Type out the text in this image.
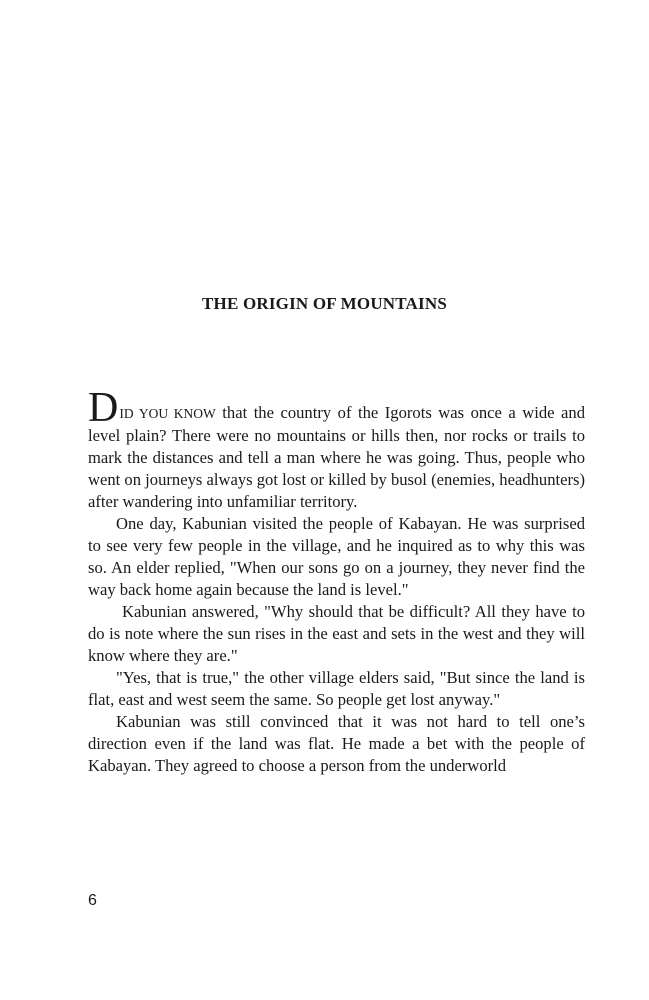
THE ORIGIN OF MOUNTAINS

DID YOU KNOW that the country of the Igorots was once a wide and level plain? There were no mountains or hills then, nor rocks or trails to mark the distances and tell a man where he was going. Thus, people who went on journeys always got lost or killed by busol (enemies, headhunters) after wandering into unfamiliar territory.

One day, Kabunian visited the people of Kabayan. He was surprised to see very few people in the village, and he inquired as to why this was so. An elder replied, "When our sons go on a journey, they never find the way back home again because the land is level."

Kabunian answered, "Why should that be difficult? All they have to do is note where the sun rises in the east and sets in the west and they will know where they are."

"Yes, that is true," the other village elders said, "But since the land is flat, east and west seem the same. So people get lost anyway."

Kabunian was still convinced that it was not hard to tell one’s direction even if the land was flat. He made a bet with the people of Kabayan. They agreed to choose a person from the underworld

6
